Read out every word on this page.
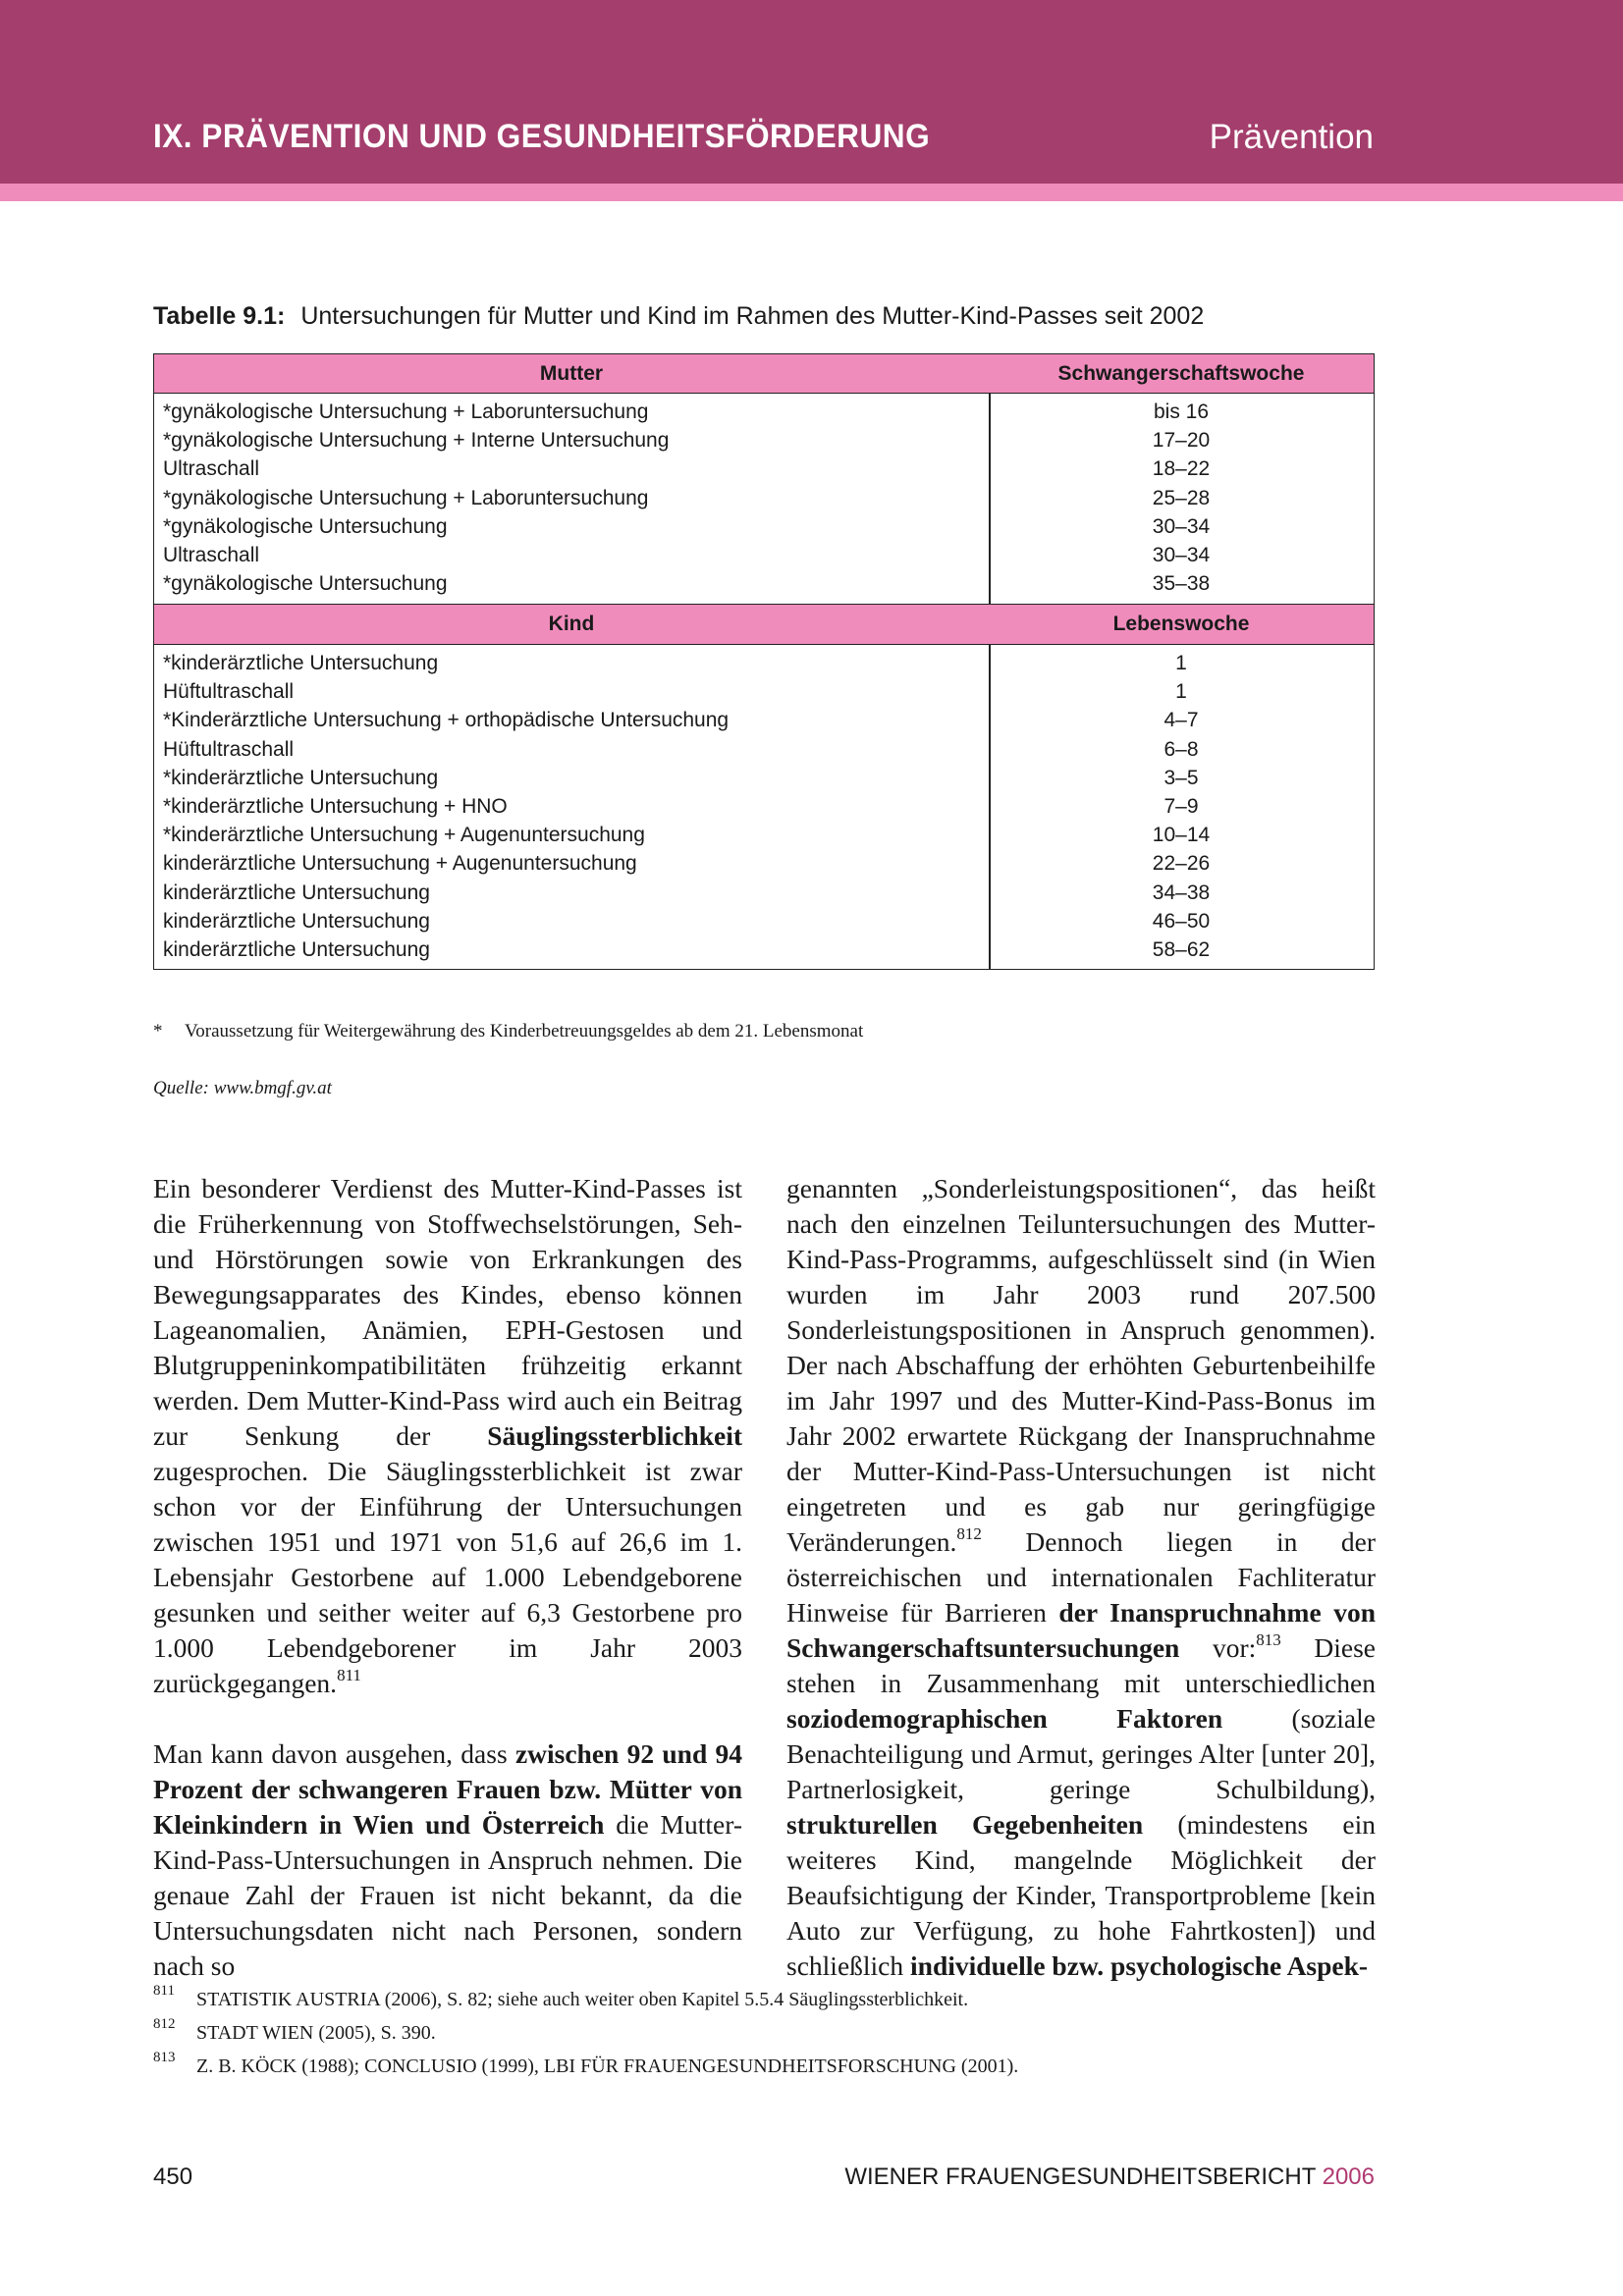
IX. PRÄVENTION UND GESUNDHEITSFÖRDERUNG	Prävention
Tabelle 9.1: Untersuchungen für Mutter und Kind im Rahmen des Mutter-Kind-Passes seit 2002
Mutter	Schwangerschaftswoche
*gynäkologische Untersuchung + Laboruntersuchung	bis 16
*gynäkologische Untersuchung + Interne Untersuchung	17–20
Ultraschall	18–22
*gynäkologische Untersuchung + Laboruntersuchung	25–28
*gynäkologische Untersuchung	30–34
Ultraschall	30–34
*gynäkologische Untersuchung	35–38
Kind	Lebenswoche
*kinderärztliche Untersuchung	1
Hüftultraschall	1
*Kinderärztliche Untersuchung + orthopädische Untersuchung	4–7
Hüftultraschall	6–8
*kinderärztliche Untersuchung	3–5
*kinderärztliche Untersuchung + HNO	7–9
*kinderärztliche Untersuchung + Augenuntersuchung	10–14
kinderärztliche Untersuchung + Augenuntersuchung	22–26
kinderärztliche Untersuchung	34–38
kinderärztliche Untersuchung	46–50
kinderärztliche Untersuchung	58–62
* Voraussetzung für Weitergewährung des Kinderbetreuungsgeldes ab dem 21. Lebensmonat
Quelle: www.bmgf.gv.at

Ein besonderer Verdienst des Mutter-Kind-Passes ist die Früherkennung von Stoffwechselstörungen, Seh- und Hörstörungen sowie von Erkrankungen des Bewegungsapparates des Kindes, ebenso können Lageanomalien, Anämien, EPH-Gestosen und Blutgruppeninkompatibilitäten frühzeitig erkannt werden. Dem Mutter-Kind-Pass wird auch ein Beitrag zur Senkung der Säuglingssterblichkeit zugesprochen. Die Säuglingssterblichkeit ist zwar schon vor der Einführung der Untersuchungen zwischen 1951 und 1971 von 51,6 auf 26,6 im 1. Lebensjahr Gestorbene auf 1.000 Lebendgeborene gesunken und seither weiter auf 6,3 Gestorbene pro 1.000 Lebendgeborener im Jahr 2003 zurückgegangen.$^{811}$

Man kann davon ausgehen, dass zwischen 92 und 94 Prozent der schwangeren Frauen bzw. Mütter von Kleinkindern in Wien und Österreich die Mutter-Kind-Pass-Untersuchungen in Anspruch nehmen. Die genaue Zahl der Frauen ist nicht bekannt, da die Untersuchungsdaten nicht nach Personen, sondern nach so

genannten „Sonderleistungspositionen“, das heißt nach den einzelnen Teiluntersuchungen des Mutter-Kind-Pass-Programms, aufgeschlüsselt sind (in Wien wurden im Jahr 2003 rund 207.500 Sonderleistungspositionen in Anspruch genommen). Der nach Abschaffung der erhöhten Geburtenbeihilfe im Jahr 1997 und des Mutter-Kind-Pass-Bonus im Jahr 2002 erwartete Rückgang der Inanspruchnahme der Mutter-Kind-Pass-Untersuchungen ist nicht eingetreten und es gab nur geringfügige Veränderungen.$^{812}$ Dennoch liegen in der österreichischen und internationalen Fachliteratur Hinweise für Barrieren der Inanspruchnahme von Schwangerschaftsuntersuchungen vor:$^{813}$ Diese stehen in Zusammenhang mit unterschiedlichen soziodemographischen Faktoren (soziale Benachteiligung und Armut, geringes Alter [unter 20], Partnerlosigkeit, geringe Schulbildung), strukturellen Gegebenheiten (mindestens ein weiteres Kind, mangelnde Möglichkeit der Beaufsichtigung der Kinder, Transportprobleme [kein Auto zur Verfügung, zu hohe Fahrtkosten]) und schließlich individuelle bzw. psychologische Aspek-

811 STATISTIK AUSTRIA (2006), S. 82; siehe auch weiter oben Kapitel 5.5.4 Säuglingssterblichkeit.
812 STADT WIEN (2005), S. 390.
813 Z. B. KÖCK (1988); CONCLUSIO (1999), LBI FÜR FRAUENGESUNDHEITSFORSCHUNG (2001).
450	WIENER FRAUENGESUNDHEITSBERICHT 2006
